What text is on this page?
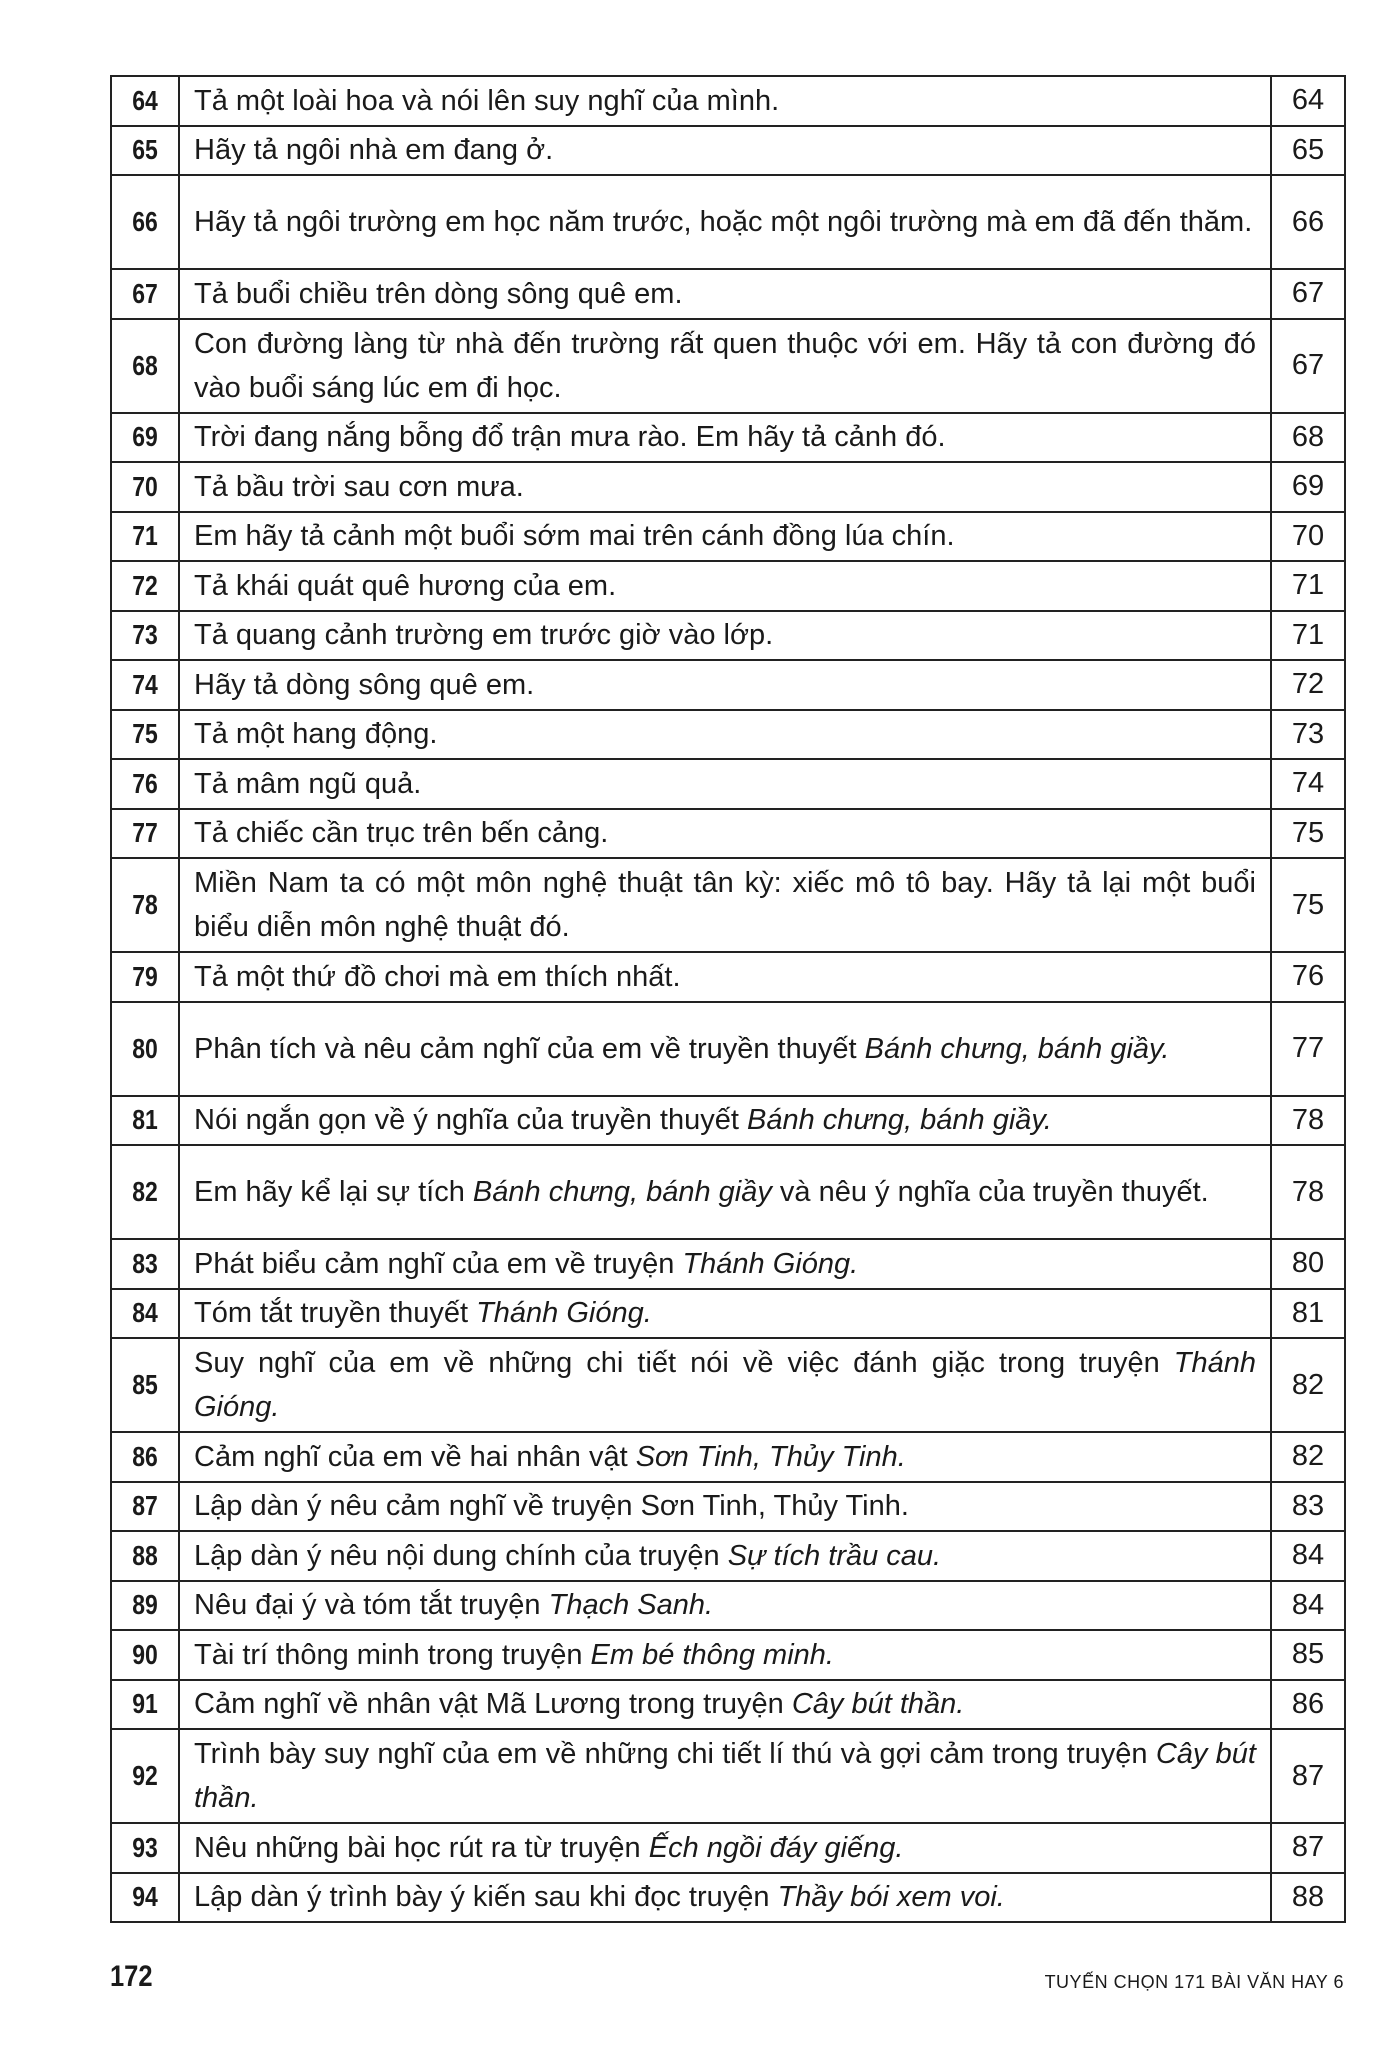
64	Tả một loài hoa và nói lên suy nghĩ của mình.	64
65	Hãy tả ngôi nhà em đang ở.	65
66	Hãy tả ngôi trường em học năm trước, hoặc một ngôi trường mà em đã đến thăm.	66
67	Tả buổi chiều trên dòng sông quê em.	67
68	Con đường làng từ nhà đến trường rất quen thuộc với em. Hãy tả con đường đó vào buổi sáng lúc em đi học.	67
69	Trời đang nắng bỗng đổ trận mưa rào. Em hãy tả cảnh đó.	68
70	Tả bầu trời sau cơn mưa.	69
71	Em hãy tả cảnh một buổi sớm mai trên cánh đồng lúa chín.	70
72	Tả khái quát quê hương của em.	71
73	Tả quang cảnh trường em trước giờ vào lớp.	71
74	Hãy tả dòng sông quê em.	72
75	Tả một hang động.	73
76	Tả mâm ngũ quả.	74
77	Tả chiếc cần trục trên bến cảng.	75
78	Miền Nam ta có một môn nghệ thuật tân kỳ: xiếc mô tô bay. Hãy tả lại một buổi biểu diễn môn nghệ thuật đó.	75
79	Tả một thứ đồ chơi mà em thích nhất.	76
80	Phân tích và nêu cảm nghĩ của em về truyền thuyết Bánh chưng, bánh giầy.	77
81	Nói ngắn gọn về ý nghĩa của truyền thuyết Bánh chưng, bánh giầy.	78
82	Em hãy kể lại sự tích Bánh chưng, bánh giầy và nêu ý nghĩa của truyền thuyết.	78
83	Phát biểu cảm nghĩ của em về truyện Thánh Gióng.	80
84	Tóm tắt truyền thuyết Thánh Gióng.	81
85	Suy nghĩ của em về những chi tiết nói về việc đánh giặc trong truyện Thánh Gióng.	82
86	Cảm nghĩ của em về hai nhân vật Sơn Tinh, Thủy Tinh.	82
87	Lập dàn ý nêu cảm nghĩ về truyện Sơn Tinh, Thủy Tinh.	83
88	Lập dàn ý nêu nội dung chính của truyện Sự tích trầu cau.	84
89	Nêu đại ý và tóm tắt truyện Thạch Sanh.	84
90	Tài trí thông minh trong truyện Em bé thông minh.	85
91	Cảm nghĩ về nhân vật Mã Lương trong truyện Cây bút thần.	86
92	Trình bày suy nghĩ của em về những chi tiết lí thú và gợi cảm trong truyện Cây bút thần.	87
93	Nêu những bài học rút ra từ truyện Ếch ngồi đáy giếng.	87
94	Lập dàn ý trình bày ý kiến sau khi đọc truyện Thầy bói xem voi.	88
172	TUYẾN CHỌN 171 BÀI VĂN HAY 6
